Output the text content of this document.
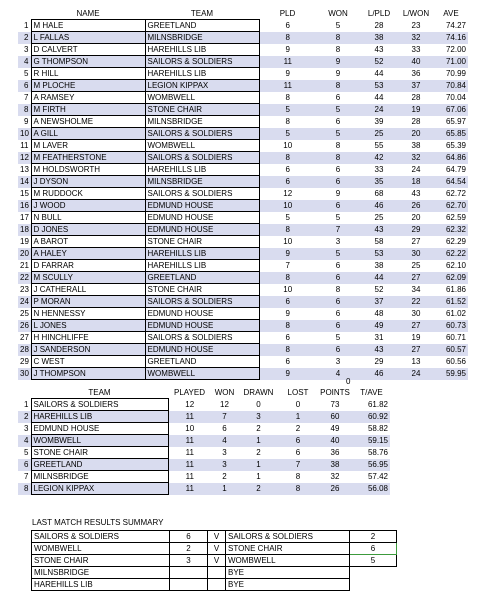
	NAME	TEAM	PLD	WON	L/PLD	L/WON	AVE
1	M HALE	GREETLAND	6	5	28	23	74.27
2	L FALLAS	MILNSBRIDGE	8	8	38	32	74.16
3	D CALVERT	HAREHILLS LIB	9	8	43	33	72.00
4	G THOMPSON	SAILORS & SOLDIERS	11	9	52	40	71.00
5	R HILL	HAREHILLS LIB	9	9	44	36	70.99
6	M PLOCHE	LEGION KIPPAX	11	8	53	37	70.84
7	A RAMSEY	WOMBWELL	8	6	44	28	70.04
8	M FIRTH	STONE CHAIR	5	5	24	19	67.06
9	A NEWSHOLME	MILNSBRIDGE	8	6	39	28	65.97
10	A GILL	SAILORS & SOLDIERS	5	5	25	20	65.85
11	M LAVER	WOMBWELL	10	8	55	38	65.39
12	M FEATHERSTONE	SAILORS & SOLDIERS	8	8	42	32	64.86
13	M HOLDSWORTH	HAREHILLS LIB	6	6	33	24	64.79
14	J DYSON	MILNSBRIDGE	6	6	35	18	64.54
15	M RUDDOCK	SAILORS & SOLDIERS	12	9	68	43	62.72
16	J WOOD	EDMUND HOUSE	10	6	46	26	62.70
17	N BULL	EDMUND HOUSE	5	5	25	20	62.59
18	D JONES	EDMUND HOUSE	8	7	43	29	62.32
19	A BAROT	STONE CHAIR	10	3	58	27	62.29
20	A HALEY	HAREHILLS LIB	9	5	53	30	62.22
21	D FARRAR	HAREHILLS LIB	7	6	38	25	62.10
22	M SCULLY	GREETLAND	8	6	44	27	62.09
23	J CATHERALL	STONE CHAIR	10	8	52	34	61.86
24	P MORAN	SAILORS & SOLDIERS	6	6	37	22	61.52
25	N HENNESSY	EDMUND HOUSE	9	6	48	30	61.02
26	L JONES	EDMUND HOUSE	8	6	49	27	60.73
27	H HINCHLIFFE	SAILORS & SOLDIERS	6	5	31	19	60.71
28	J SANDERSON	EDMUND HOUSE	8	6	43	27	60.57
29	C WEST	GREETLAND	6	3	29	13	60.56
30	J THOMPSON	WOMBWELL	9	4	46	24	59.95
0
	TEAM	PLAYED	WON	DRAWN	LOST	POINTS	T/AVE
1	SAILORS & SOLDIERS	12	12	0	0	73	61.82
2	HAREHILLS LIB	11	7	3	1	60	60.92
3	EDMUND HOUSE	10	6	2	2	49	58.82
4	WOMBWELL	11	4	1	6	40	59.15
5	STONE CHAIR	11	3	2	6	36	58.76
6	GREETLAND	11	3	1	7	38	56.95
7	MILNSBRIDGE	11	2	1	8	32	57.42
8	LEGION KIPPAX	11	1	2	8	26	56.08
LAST MATCH RESULTS SUMMARY
SAILORS & SOLDIERS	6	V	SAILORS & SOLDIERS	2
WOMBWELL	2	V	STONE CHAIR	6
STONE CHAIR	3	V	WOMBWELL	5
MILNSBRIDGE			BYE	
HAREHILLS LIB			BYE	
